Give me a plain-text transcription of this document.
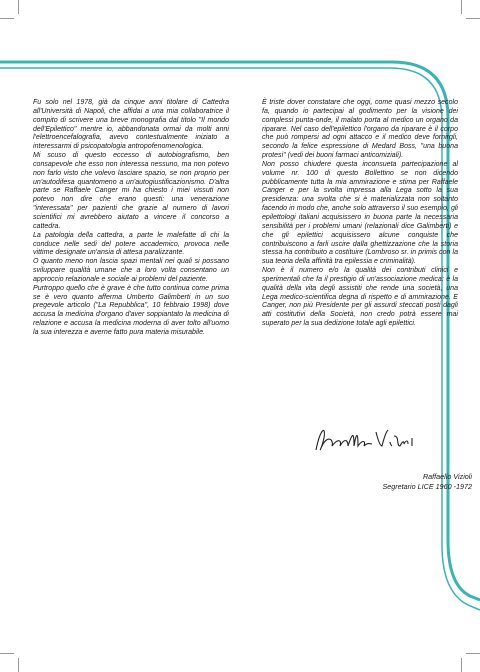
Fu solo nel 1978, già da cinque anni titolare di Cattedra all'Università di Napoli, che affidai a una mia collaboratrice il compito di scrivere una breve monografia dal titolo "Il mondo dell'Epilettico" mentre io, abbandonata ormai da molti anni l'elettroencefalografia, avevo contestualmente iniziato a interessarmi di psicopatologia antropofenomenologica.

Mi scuso di questo eccesso di autobiografismo, ben consapevole che esso non interessa nessuno, ma non potevo non farlo visto che volevo lasciare spazio, se non proprio per un'autodifesa quantomeno a un'autogiustificazionismo. D'altra parte se Raffaele Canger mi ha chiesto i miei vissuti non potevo non dire che erano questi: una venerazione "interessata" per pazienti che grazie al numero di lavori scientifici mi avrebbero aiutato a vincere il concorso a cattedra.

La patologia della cattedra, a parte le malefatte di chi la conduce nelle sedi del potere accademico, provoca nelle vittime designate un'ansia di attesa paralizzante.

O quanto meno non lascia spazi mentali nei quali si possano sviluppare qualità umane che a loro volta consentano un approccio relazionale e sociale ai problemi del paziente.

Purtroppo quello che è grave è che tutto continua come prima se è vero quanto afferma Umberto Galimberti in un suo pregevole articolo ("La Repubblica", 10 febbraio 1998) dove accusa la medicina d'organo d'aver soppiantato la medicina di relazione e accusa la medicina moderna di aver tolto all'uomo la sua interezza e averne fatto pura materia misurabile.

È triste dover constatare che oggi, come quasi mezzo secolo fa, quando io partecipai al godimento per la visione dei complessi punta-onde, il malato porta al medico un organo da riparare. Nel caso dell'epilettico l'organo da riparare è il corpo che può rompersi ad ogni attacco e il medico deve fornirgli, secondo la felice espressione di Medard Boss, "una buona protesi" (vedi dei buoni farmaci anticomiziali).

Non posso chiudere questa inconsueta partecipazione al volume nr. 100 di questo Bollettino se non dicendo pubblicamente tutta la mia ammirazione e stima per Raffaele Canger e per la svolta impressa alla Lega sotto la sua presidenza: una svolta che si è materializzata non soltanto facendo in modo che, anche solo attraverso il suo esempio, gli epilettologi italiani acquisissero in buona parte la necessaria sensibilità per i problemi umani (relazionali dice Galimberti) e che gli epilettici acquisissero alcune conquiste che contribuiscono a farli uscire dalla ghettizzazione che la storia stessa ha contribuito a costituire (Lombroso sr. in primis con la sua teoria della affinità tra epilessia e criminalità).

Non è il numero e/o la qualità dei contributi clinici e sperimentali che fa il prestigio di un'associazione medica: è la qualità della vita degli assistiti che rende una società, una Lega medico-scientifica degna di rispetto e di ammirazione. E Canger, non più Presidente per gli assurdi steccati posti dagli atti costitutivi della Società, non credo potrà essere mai superato per la sua dedizione totale agli epilettici.

Raffaello Vizioli
Segretario LICE 1960 -1972
